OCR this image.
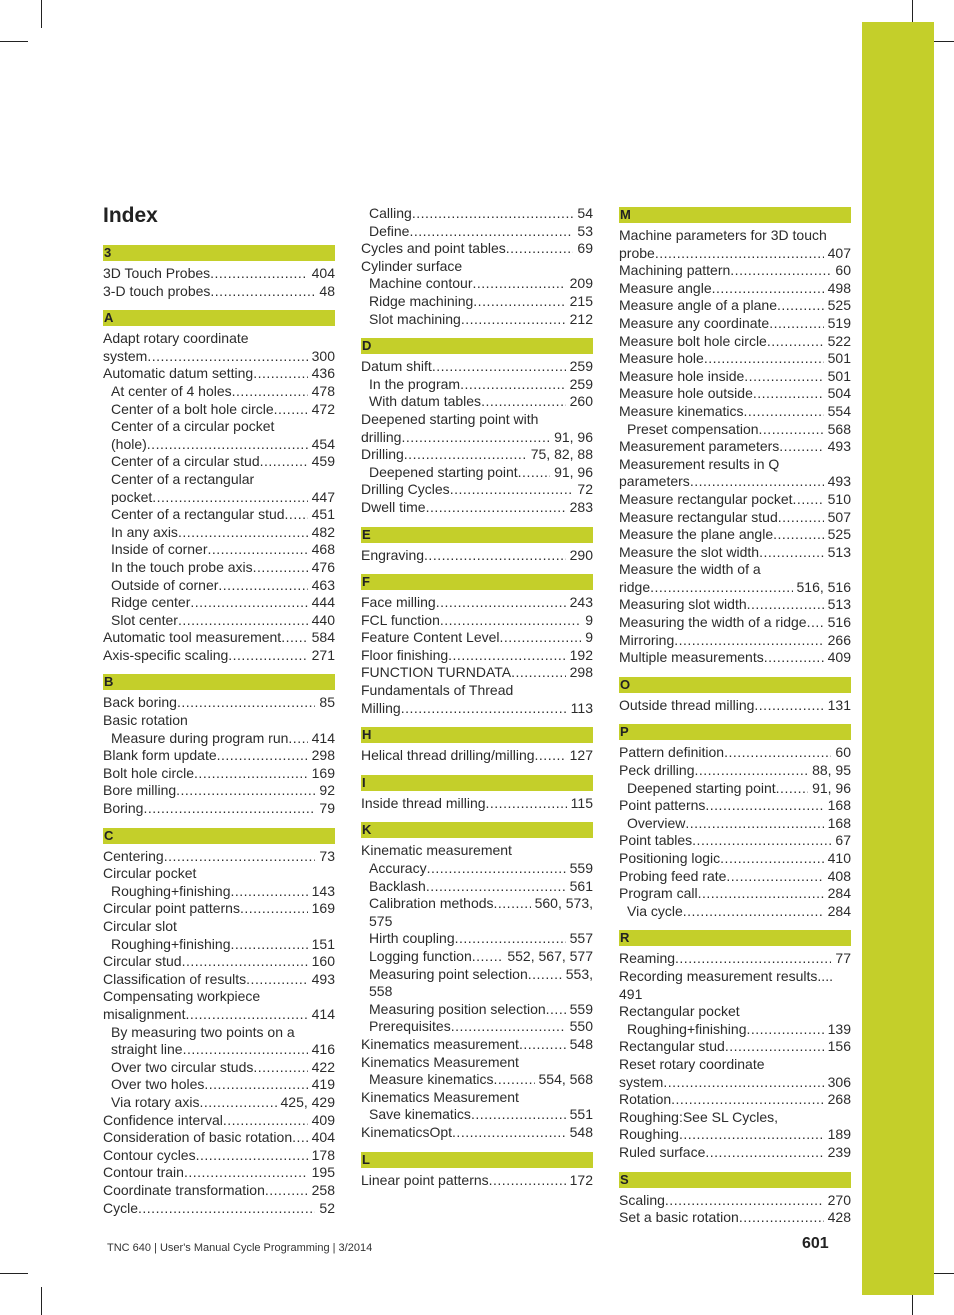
Index
3
3D Touch Probes .....	404
3-D touch probes .....	48
A
Adapt rotary coordinate
system .....	300
Automatic datum setting .....	436
At center of 4 holes .....	478
Center of a bolt hole circle .....	472
Center of a circular pocket
(hole) .....	454
Center of a circular stud .....	459
Center of a rectangular
pocket .....	447
Center of a rectangular stud ..... 451
In any axis .....	482
Inside of corner .....	468
In the touch probe axis .....	476
Outside of corner .....	463
Ridge center .....	444
Slot center .....	440
Automatic tool measurement ..... 584
Axis-specific scaling .....	271
B
Back boring .....	85
Basic rotation
Measure during program run ..... 414
Blank form update .....	298
Bolt hole circle .....	169
Bore milling .....	92
Boring .....	79
C
Centering .....	73
Circular pocket
Roughing+finishing .....	143
Circular point patterns .....	169
Circular slot
Roughing+finishing .....	151
Circular stud .....	160
Classification of results .....	493
Compensating workpiece
misalignment .....	414
By measuring two points on a
straight line .....	416
Over two circular studs .....	422
Over two holes .....	419
Via rotary axis .....	425, 429
Confidence interval .....	409
Consideration of basic rotation ..... 404
Contour cycles .....	178
Contour train .....	195
Coordinate transformation .....	258
Cycle .....	52
Calling .....	54
Define .....	53
Cycles and point tables .....	69
Cylinder surface
Machine contour .....	209
Ridge machining .....	215
Slot machining .....	212
D
Datum shift .....	259
In the program .....	259
With datum tables .....	260
Deepened starting point with
drilling .....	91, 96
Drilling .....	75, 82, 88
Deepened starting point .....	91, 96
Drilling Cycles .....	72
Dwell time .....	283
E
Engraving .....	290
F
Face milling .....	243
FCL function .....	9
Feature Content Level .....	9
Floor finishing .....	192
FUNCTION TURNDATA .....	298
Fundamentals of Thread
Milling .....	113
H
Helical thread drilling/milling .....	127
I
Inside thread milling .....	115
K
Kinematic measurement
Accuracy .....	559
Backlash .....	561
Calibration methods .....	560, 573,
575
Hirth coupling .....	557
Logging function .....	552, 567, 577
Measuring point selection .....	553,
558
Measuring position selection ..... 559
Prerequisites .....	550
Kinematics measurement .....	548
Kinematics Measurement
Measure kinematics .....	554, 568
Kinematics Measurement
Save kinematics .....	551
KinematicsOpt .....	548
L
Linear point patterns .....	172
M
Machine parameters for 3D touch
probe .....	407
Machining pattern .....	60
Measure angle .....	498
Measure angle of a plane .....	525
Measure any coordinate .....	519
Measure bolt hole circle .....	522
Measure hole .....	501
Measure hole inside .....	501
Measure hole outside .....	504
Measure kinematics .....	554
Preset compensation .....	568
Measurement parameters .....	493
Measurement results in Q
parameters .....	493
Measure rectangular pocket .....	510
Measure rectangular stud .....	507
Measure the plane angle .....	525
Measure the slot width .....	513
Measure the width of a
ridge .....	516, 516
Measuring slot width .....	513
Measuring the width of a ridge ..... 516
Mirroring .....	266
Multiple measurements .....	409
O
Outside thread milling .....	131
P
Pattern definition .....	60
Peck drilling .....	88, 95
Deepened starting point .....	91, 96
Point patterns .....	168
Overview .....	168
Point tables .....	67
Positioning logic .....	410
Probing feed rate .....	408
Program call .....	284
Via cycle .....	284
R
Reaming .....	77
Recording measurement results....
491
Rectangular pocket
Roughing+finishing .....	139
Rectangular stud .....	156
Reset rotary coordinate
system .....	306
Rotation .....	268
Roughing:See SL Cycles,
Roughing .....	189
Ruled surface .....	239
S
Scaling .....	270
Set a basic rotation .....	428
TNC 640 | User's Manual Cycle Programming | 3/2014	601
